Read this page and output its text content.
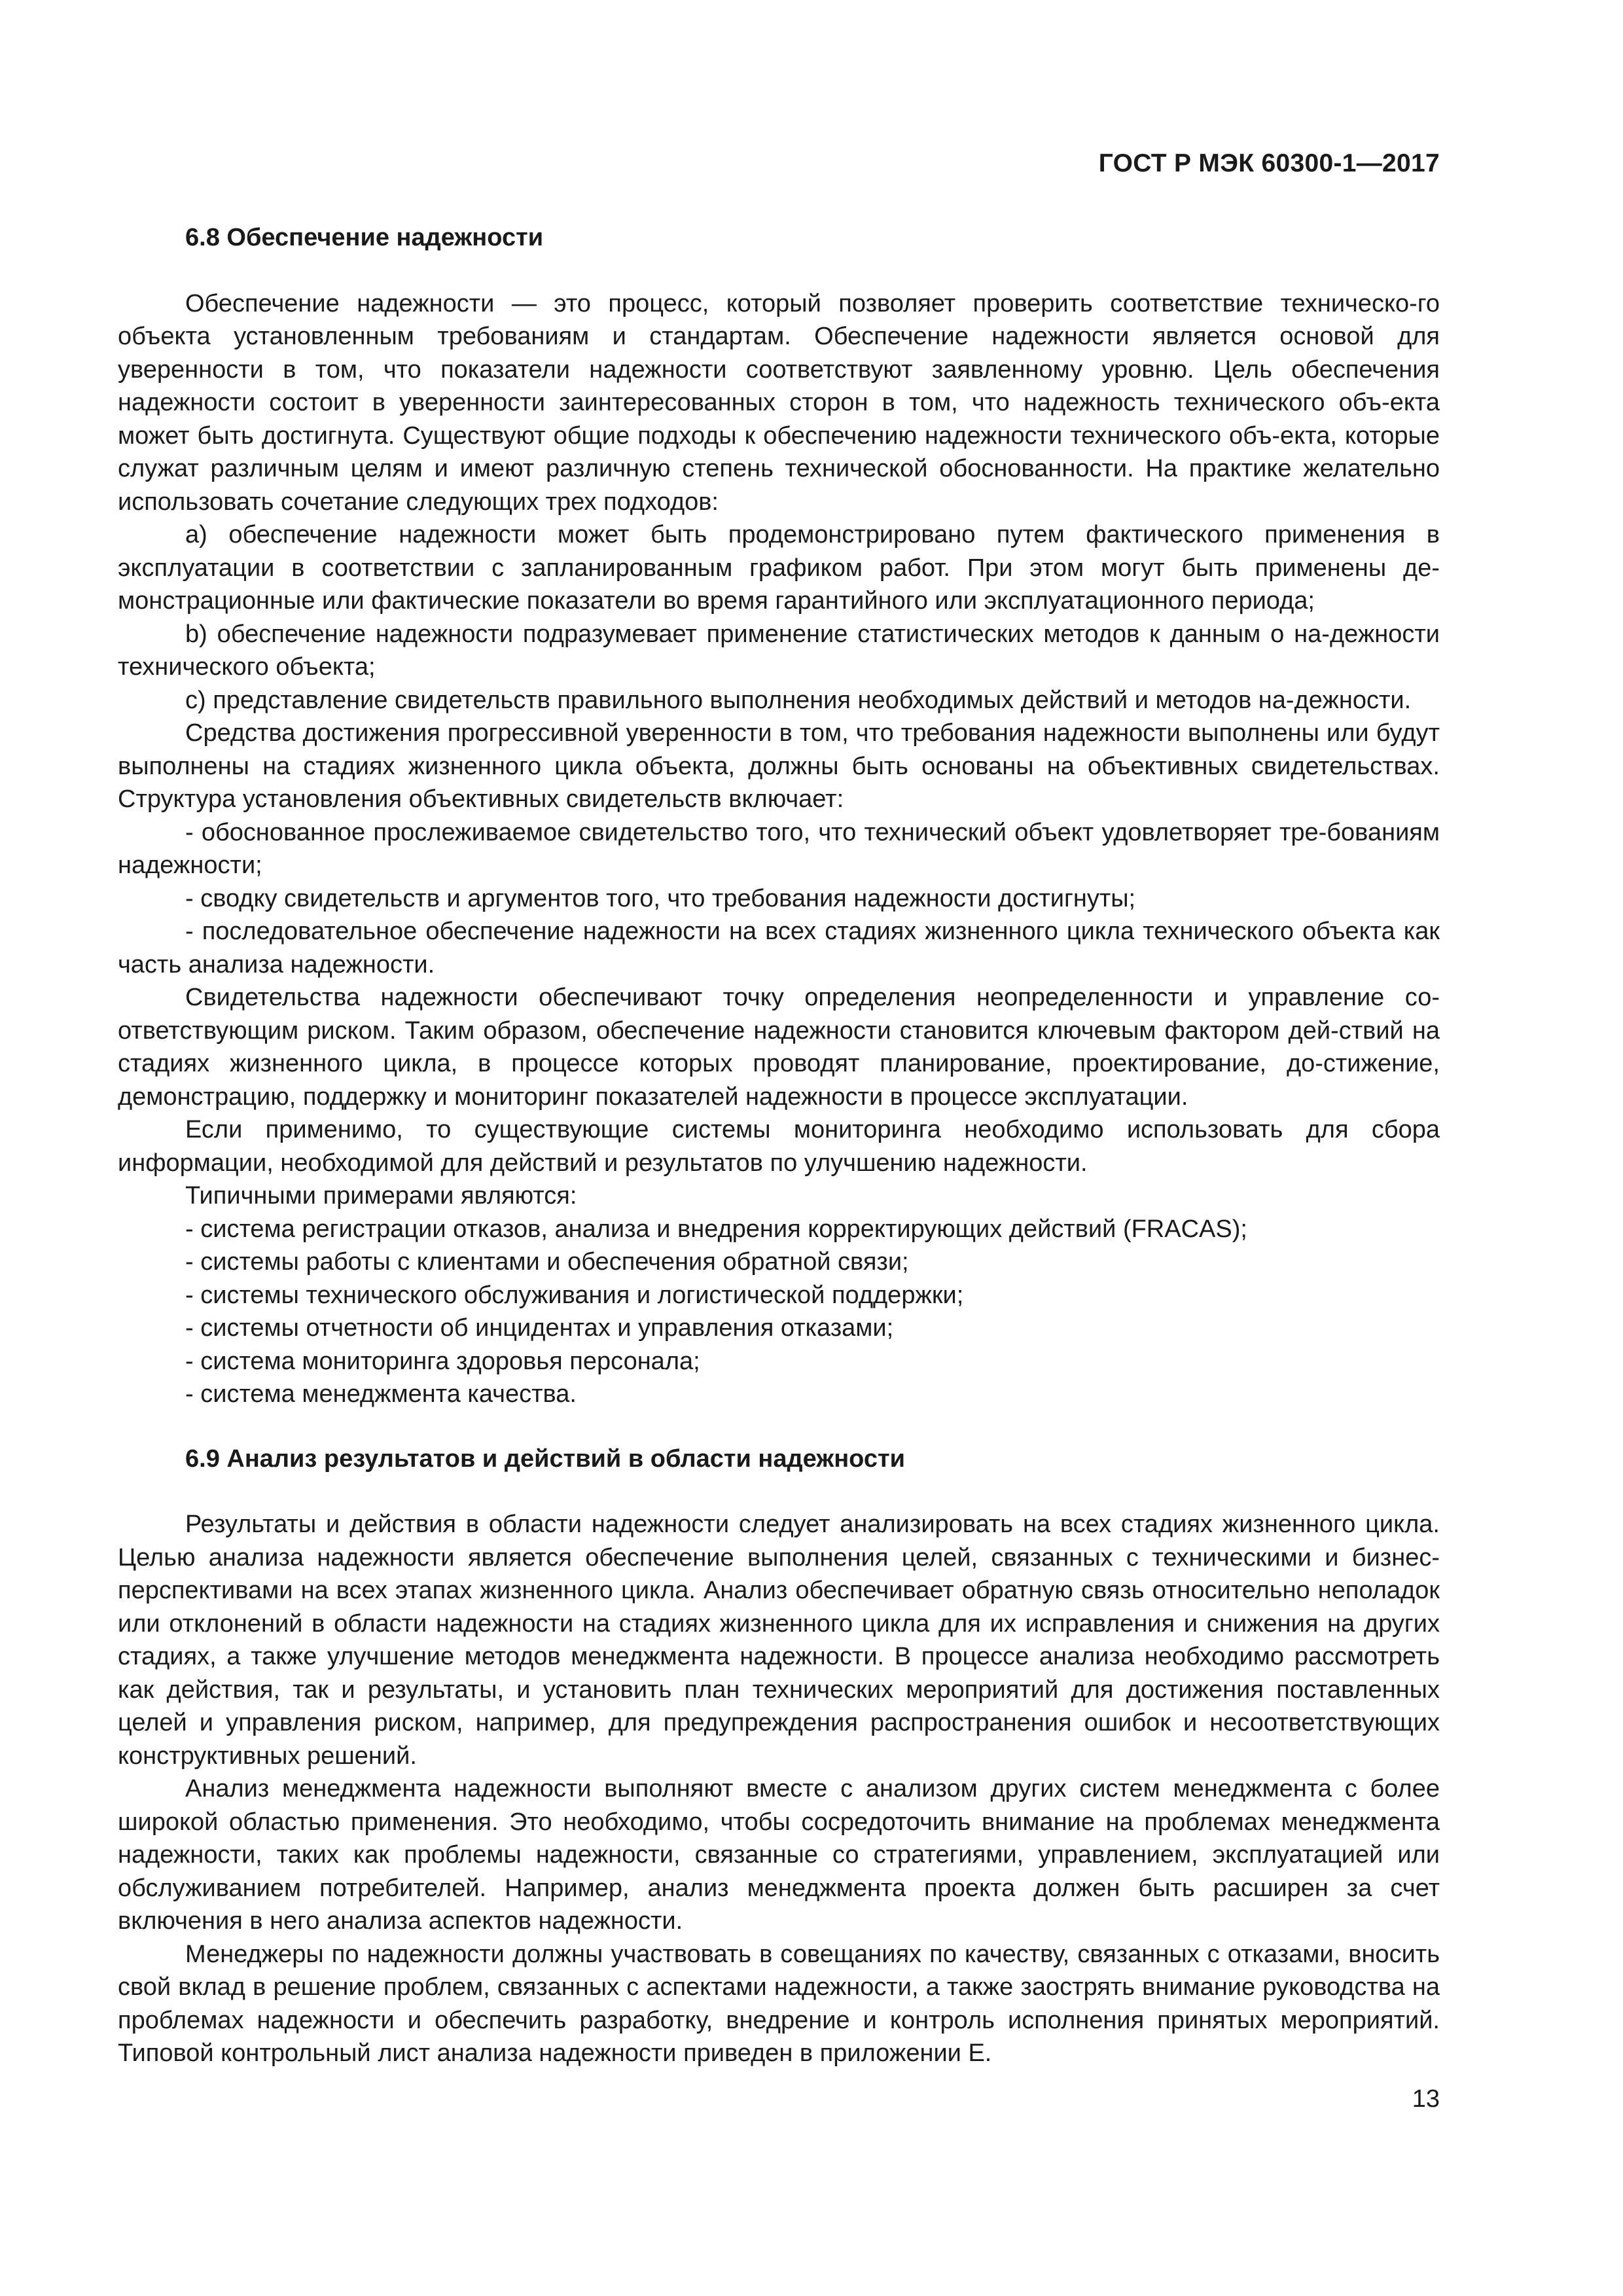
ГОСТ Р МЭК 60300-1—2017
6.8 Обеспечение надежности

Обеспечение надежности — это процесс, который позволяет проверить соответствие техническо-го объекта установленным требованиям и стандартам. Обеспечение надежности является основой для уверенности в том, что показатели надежности соответствуют заявленному уровню. Цель обеспечения надежности состоит в уверенности заинтересованных сторон в том, что надежность технического объ-екта может быть достигнута. Существуют общие подходы к обеспечению надежности технического объ-екта, которые служат различным целям и имеют различную степень технической обоснованности. На практике желательно использовать сочетание следующих трех подходов:

a) обеспечение надежности может быть продемонстрировано путем фактического применения в эксплуатации в соответствии с запланированным графиком работ. При этом могут быть применены де-монстрационные или фактические показатели во время гарантийного или эксплуатационного периода;

b) обеспечение надежности подразумевает применение статистических методов к данным о на-дежности технического объекта;

c) представление свидетельств правильного выполнения необходимых действий и методов на-дежности.

Средства достижения прогрессивной уверенности в том, что требования надежности выполнены или будут выполнены на стадиях жизненного цикла объекта, должны быть основаны на объективных свидетельствах. Структура установления объективных свидетельств включает:

- обоснованное прослеживаемое свидетельство того, что технический объект удовлетворяет тре-бованиям надежности;

- сводку свидетельств и аргументов того, что требования надежности достигнуты;

- последовательное обеспечение надежности на всех стадиях жизненного цикла технического объекта как часть анализа надежности.

Свидетельства надежности обеспечивают точку определения неопределенности и управление со-ответствующим риском. Таким образом, обеспечение надежности становится ключевым фактором дей-ствий на стадиях жизненного цикла, в процессе которых проводят планирование, проектирование, до-стижение, демонстрацию, поддержку и мониторинг показателей надежности в процессе эксплуатации.

Если применимо, то существующие системы мониторинга необходимо использовать для сбора информации, необходимой для действий и результатов по улучшению надежности.

Типичными примерами являются:

- система регистрации отказов, анализа и внедрения корректирующих действий (FRACAS);

- системы работы с клиентами и обеспечения обратной связи;

- системы технического обслуживания и логистической поддержки;

- системы отчетности об инцидентах и управления отказами;

- система мониторинга здоровья персонала;

- система менеджмента качества.

6.9 Анализ результатов и действий в области надежности

Результаты и действия в области надежности следует анализировать на всех стадиях жизненного цикла. Целью анализа надежности является обеспечение выполнения целей, связанных с техническими и бизнес-перспективами на всех этапах жизненного цикла. Анализ обеспечивает обратную связь относительно неполадок или отклонений в области надежности на стадиях жизненного цикла для их исправления и снижения на других стадиях, а также улучшение методов менеджмента надежности. В процессе анализа необходимо рассмотреть как действия, так и результаты, и установить план технических мероприятий для достижения поставленных целей и управления риском, например, для предупреждения распространения ошибок и несоответствующих конструктивных решений.

Анализ менеджмента надежности выполняют вместе с анализом других систем менеджмента с более широкой областью применения. Это необходимо, чтобы сосредоточить внимание на проблемах менеджмента надежности, таких как проблемы надежности, связанные со стратегиями, управлением, эксплуатацией или обслуживанием потребителей. Например, анализ менеджмента проекта должен быть расширен за счет включения в него анализа аспектов надежности.

Менеджеры по надежности должны участвовать в совещаниях по качеству, связанных с отказами, вносить свой вклад в решение проблем, связанных с аспектами надежности, а также заострять внимание руководства на проблемах надежности и обеспечить разработку, внедрение и контроль исполнения принятых мероприятий. Типовой контрольный лист анализа надежности приведен в приложении Е.

13
